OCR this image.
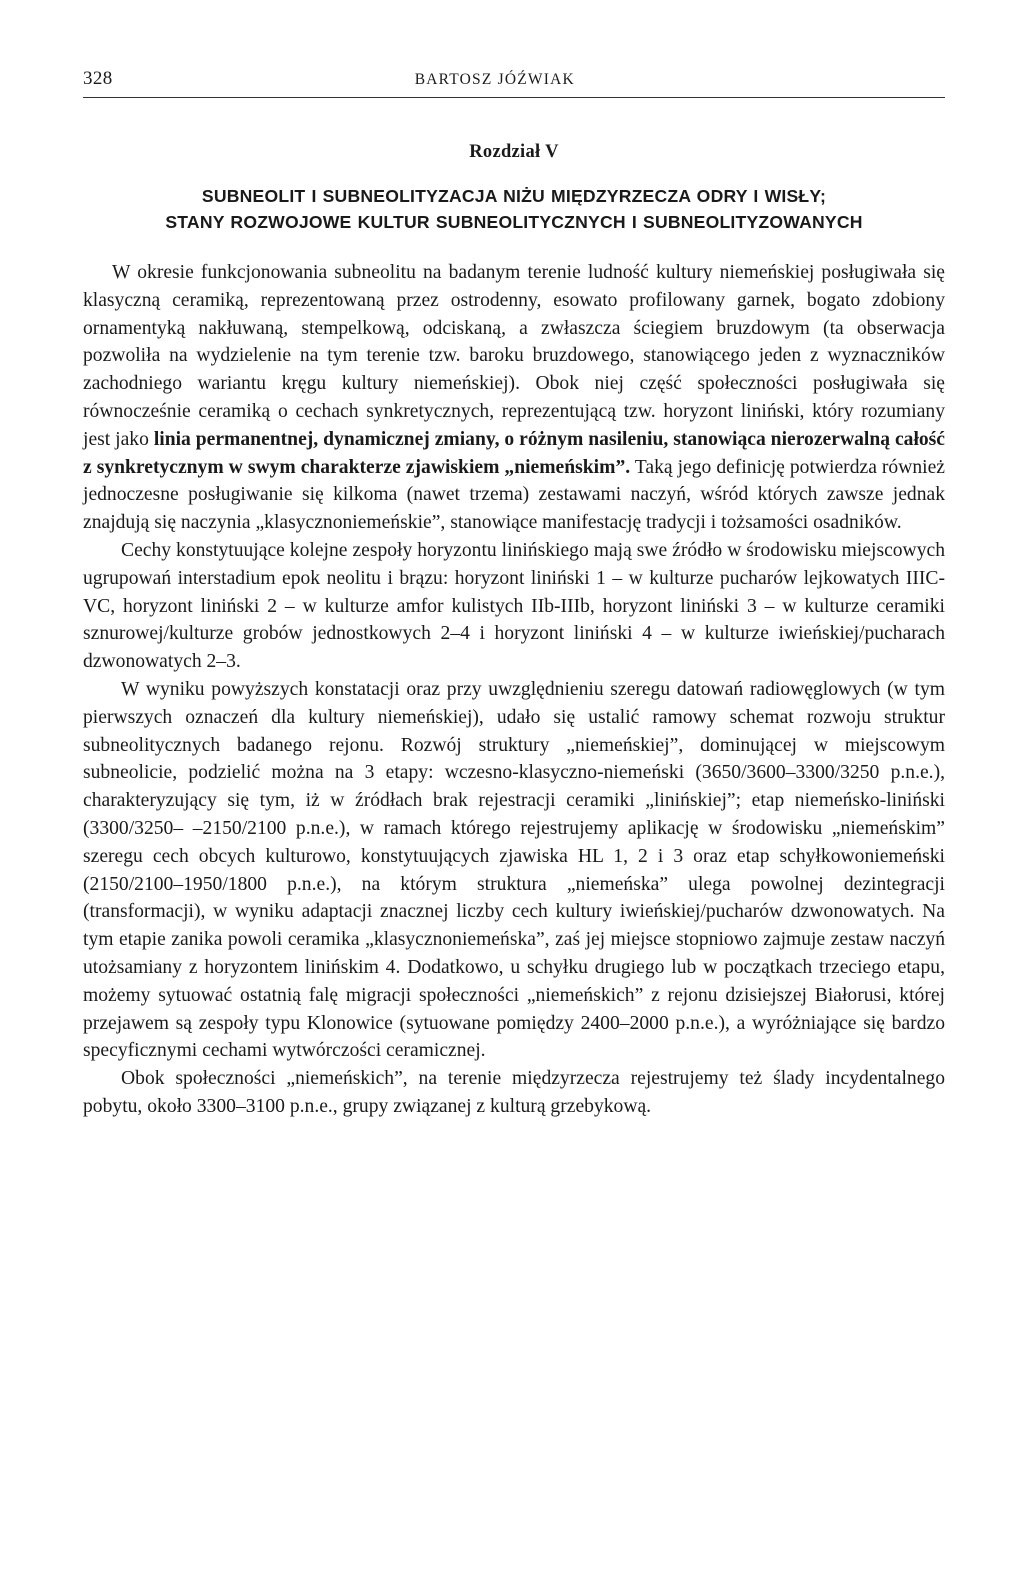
328	BARTOSZ JÓŹWIAK
Rozdział V
SUBNEOLIT I SUBNEOLITYZACJA NIŻU MIĘDZYRZECZA ODRY I WISŁY;
STANY ROZWOJOWE KULTUR SUBNEOLITYCZNYCH I SUBNEOLITYZOWANYCH

W okresie funkcjonowania subneolitu na badanym terenie ludność kultury niemeńskiej posługiwała się klasyczną ceramiką, reprezentowaną przez ostrodenny, esowato profilowany garnek, bogato zdobiony ornamentyką nakłuwaną, stempelkową, odciskaną, a zwłaszcza ściegiem bruzdowym (ta obserwacja pozwoliła na wydzielenie na tym terenie tzw. baroku bruzdowego, stanowiącego jeden z wyznaczników zachodniego wariantu kręgu kultury niemeńskiej). Obok niej część społeczności posługiwała się równocześnie ceramiką o cechach synkretycznych, reprezentującą tzw. horyzont liniński, który rozumiany jest jako linia permanentnej, dynamicznej zmiany, o różnym nasileniu, stanowiąca nierozerwalną całość z synkretycznym w swym charakterze zjawiskiem „niemeńskim”. Taką jego definicję potwierdza również jednoczesne posługiwanie się kilkoma (nawet trzema) zestawami naczyń, wśród których zawsze jednak znajdują się naczynia „klasycznoniemeńskie”, stanowiące manifestację tradycji i tożsamości osadników.

Cechy konstytuujące kolejne zespoły horyzontu linińskiego mają swe źródło w środowisku miejscowych ugrupowań interstadium epok neolitu i brązu: horyzont liniński 1 – w kulturze pucharów lejkowatych IIIC-VC, horyzont liniński 2 – w kulturze amfor kulistych IIb-IIIb, horyzont liniński 3 – w kulturze ceramiki sznurowej/kulturze grobów jednostkowych 2–4 i horyzont liniński 4 – w kulturze iwieńskiej/pucharach dzwonowatych 2–3.

W wyniku powyższych konstatacji oraz przy uwzględnieniu szeregu datowań radiowęglowych (w tym pierwszych oznaczeń dla kultury niemeńskiej), udało się ustalić ramowy schemat rozwoju struktur subneolitycznych badanego rejonu. Rozwój struktury „niemeńskiej”, dominującej w miejscowym subneolicie, podzielić można na 3 etapy: wczesno-klasyczno-niemeński (3650/3600–3300/3250 p.n.e.), charakteryzujący się tym, iż w źródłach brak rejestracji ceramiki „linińskiej”; etap niemeńsko-liniński (3300/3250– –2150/2100 p.n.e.), w ramach którego rejestrujemy aplikację w środowisku „niemeńskim” szeregu cech obcych kulturowo, konstytuujących zjawiska HL 1, 2 i 3 oraz etap schyłkowoniemeński (2150/2100–1950/1800 p.n.e.), na którym struktura „niemeńska” ulega powolnej dezintegracji (transformacji), w wyniku adaptacji znacznej liczby cech kultury iwieńskiej/pucharów dzwonowatych. Na tym etapie zanika powoli ceramika „klasycznoniemeńska”, zaś jej miejsce stopniowo zajmuje zestaw naczyń utożsamiany z horyzontem linińskim 4. Dodatkowo, u schyłku drugiego lub w początkach trzeciego etapu, możemy sytuować ostatnią falę migracji społeczności „niemeńskich” z rejonu dzisiejszej Białorusi, której przejawem są zespoły typu Klonowice (sytuowane pomiędzy 2400–2000 p.n.e.), a wyróżniające się bardzo specyficznymi cechami wytwórczości ceramicznej.

Obok społeczności „niemeńskich”, na terenie międzyrzecza rejestrujemy też ślady incydentalnego pobytu, około 3300–3100 p.n.e., grupy związanej z kulturą grzebykową.
